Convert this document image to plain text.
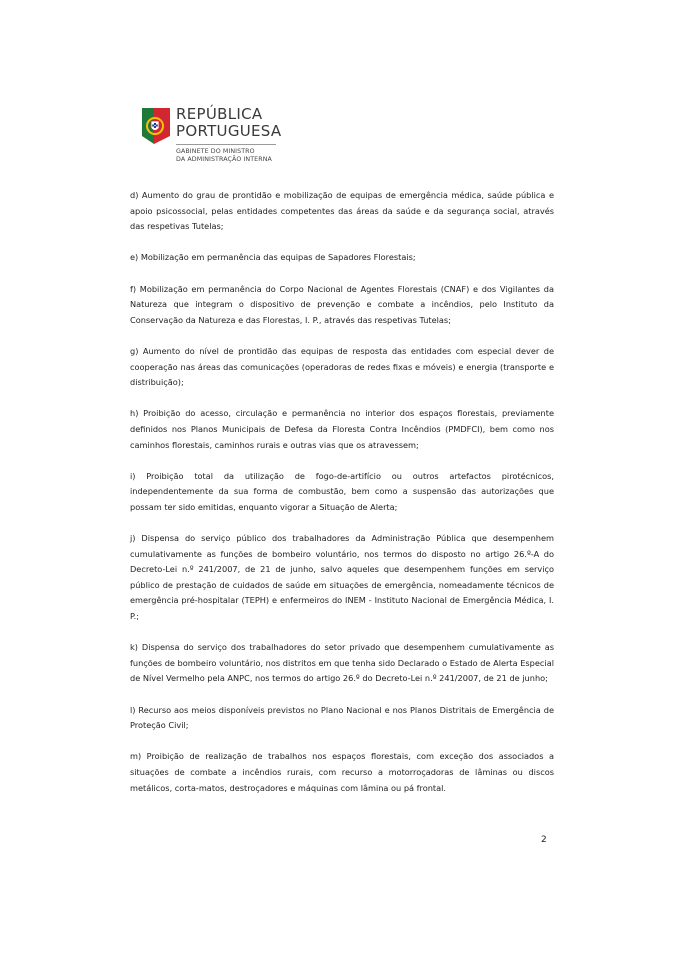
REPÚBLICA
PORTUGUESA
GABINETE DO MINISTRO
DA ADMINISTRAÇÃO INTERNA

d) Aumento do grau de prontidão e mobilização de equipas de emergência médica, saúde pública e apoio psicossocial, pelas entidades competentes das áreas da saúde e da segurança social, através das respetivas Tutelas;

e) Mobilização em permanência das equipas de Sapadores Florestais;

f) Mobilização em permanência do Corpo Nacional de Agentes Florestais (CNAF) e dos Vigilantes da Natureza que integram o dispositivo de prevenção e combate a incêndios, pelo Instituto da Conservação da Natureza e das Florestas, I. P., através das respetivas Tutelas;

g) Aumento do nível de prontidão das equipas de resposta das entidades com especial dever de cooperação nas áreas das comunicações (operadoras de redes fixas e móveis) e energia (transporte e distribuição);

h) Proibição do acesso, circulação e permanência no interior dos espaços florestais, previamente definidos nos Planos Municipais de Defesa da Floresta Contra Incêndios (PMDFCI), bem como nos caminhos florestais, caminhos rurais e outras vias que os atravessem;

i) Proibição total da utilização de fogo-de-artifício ou outros artefactos pirotécnicos, independentemente da sua forma de combustão, bem como a suspensão das autorizações que possam ter sido emitidas, enquanto vigorar a Situação de Alerta;

j) Dispensa do serviço público dos trabalhadores da Administração Pública que desempenhem cumulativamente as funções de bombeiro voluntário, nos termos do disposto no artigo 26.º-A do Decreto-Lei n.º 241/2007, de 21 de junho, salvo aqueles que desempenhem funções em serviço público de prestação de cuidados de saúde em situações de emergência, nomeadamente técnicos de emergência pré-hospitalar (TEPH) e enfermeiros do INEM - Instituto Nacional de Emergência Médica, I. P.;

k) Dispensa do serviço dos trabalhadores do setor privado que desempenhem cumulativamente as funções de bombeiro voluntário, nos distritos em que tenha sido Declarado o Estado de Alerta Especial de Nível Vermelho pela ANPC, nos termos do artigo 26.º do Decreto-Lei n.º 241/2007, de 21 de junho;

l) Recurso aos meios disponíveis previstos no Plano Nacional e nos Planos Distritais de Emergência de Proteção Civil;

m) Proibição de realização de trabalhos nos espaços florestais, com exceção dos associados a situações de combate a incêndios rurais, com recurso a motorroçadoras de lâminas ou discos metálicos, corta-matos, destroçadores e máquinas com lâmina ou pá frontal.

2
